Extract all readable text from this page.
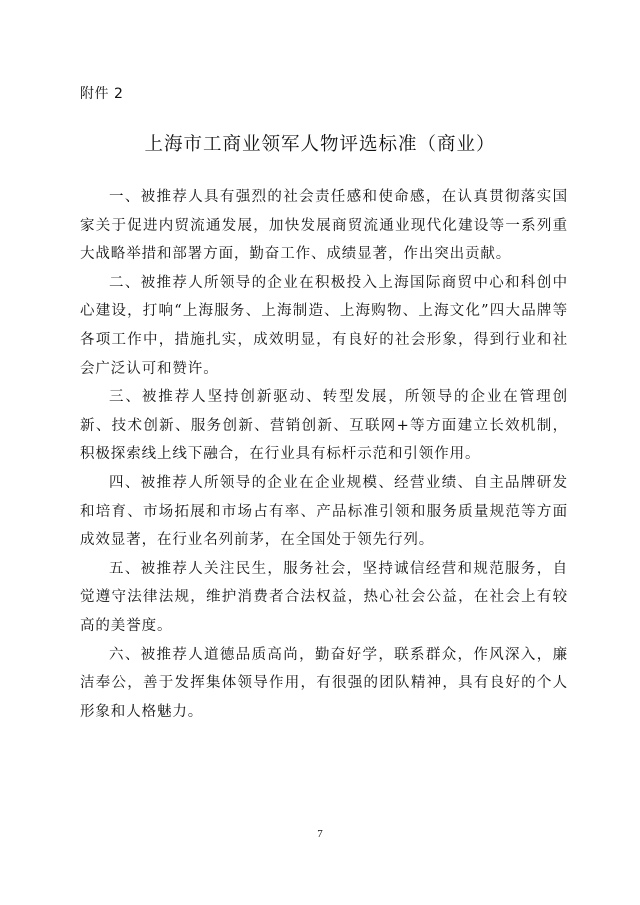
附件 2
上海市工商业领军人物评选标准（商业）

一、被推荐人具有强烈的社会责任感和使命感，在认真贯彻落实国家关于促进内贸流通发展，加快发展商贸流通业现代化建设等一系列重大战略举措和部署方面，勤奋工作、成绩显著，作出突出贡献。

二、被推荐人所领导的企业在积极投入上海国际商贸中心和科创中心建设，打响“上海服务、上海制造、上海购物、上海文化”四大品牌等各项工作中，措施扎实，成效明显，有良好的社会形象，得到行业和社会广泛认可和赞许。

三、被推荐人坚持创新驱动、转型发展，所领导的企业在管理创新、技术创新、服务创新、营销创新、互联网+等方面建立长效机制，积极探索线上线下融合，在行业具有标杆示范和引领作用。

四、被推荐人所领导的企业在企业规模、经营业绩、自主品牌研发和培育、市场拓展和市场占有率、产品标准引领和服务质量规范等方面成效显著，在行业名列前茅，在全国处于领先行列。

五、被推荐人关注民生，服务社会，坚持诚信经营和规范服务，自觉遵守法律法规，维护消费者合法权益，热心社会公益，在社会上有较高的美誉度。

六、被推荐人道德品质高尚，勤奋好学，联系群众，作风深入，廉洁奉公，善于发挥集体领导作用，有很强的团队精神，具有良好的个人形象和人格魅力。

7
